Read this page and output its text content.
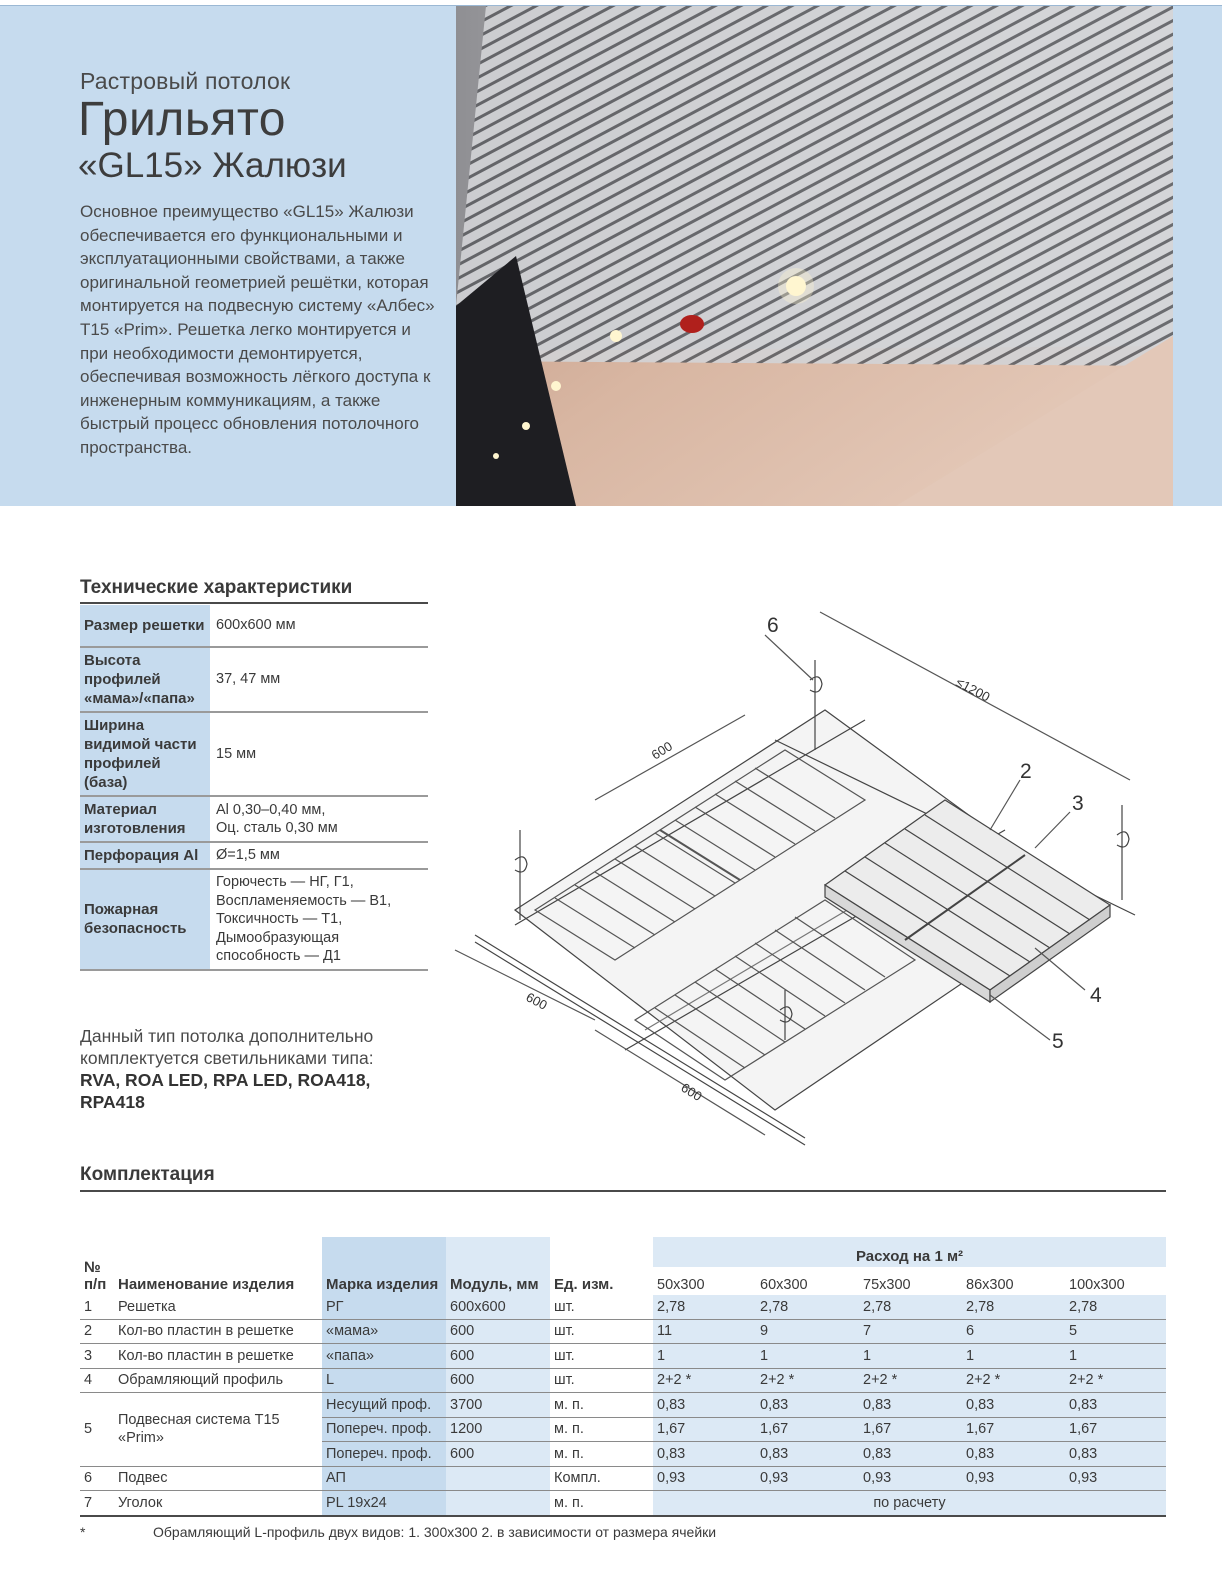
Растровый потолок
Грильято
«GL15» Жалюзи
Основное преимущество «GL15» Жалюзи обеспечивается его функциональными и эксплуатационными свойствами, а также оригинальной геометрией решётки, которая монтируется на подвесную систему «Албес» Т15 «Prim». Решетка легко монтируется и при необходимости демонтируется, обеспечивая возможность лёгкого доступа к инженерным коммуникациям, а также быстрый процесс обновления потолочного пространства.
Технические характеристики
Размер решетки	600х600 мм
Высота профилей «мама»/«папа»	37, 47 мм
Ширина видимой части профилей (база)	15 мм
Материал изготовления	Al 0,30–0,40 мм,
Оц. сталь 0,30 мм
Перфорация Al	Ø=1,5 мм
Пожарная безопасность	Горючесть — НГ, Г1,
Воспламеняемость — В1,
Токсичность — Т1,
Дымообразующая
способность — Д1
Данный тип потолка дополнительно комплектуется светильниками типа:
RVA, ROA LED, RPA LED, ROA418, RPA418
6
2
3
4
5
600
600
600
≤1200
Комплектация
№ п/п	Наименование изделия	Марка изделия	Модуль, мм	Ед. изм.	Расход на 1 м²				
					50х300	60х300	75х300	86х300	100х300
1	Решетка	РГ	600х600	шт.	2,78	2,78	2,78	2,78	2,78
2	Кол-во пластин в решетке	«мама»	600	шт.	11	9	7	6	5
3	Кол-во пластин в решетке	«папа»	600	шт.	1	1	1	1	1
4	Обрамляющий профиль	L	600	шт.	2+2 *	2+2 *	2+2 *	2+2 *	2+2 *
5	Подвесная система Т15 «Prim»	Несущий проф.	3700	м. п.	0,83	0,83	0,83	0,83	0,83
		Попереч. проф.	1200	м. п.	1,67	1,67	1,67	1,67	1,67
		Попереч. проф.	600	м. п.	0,83	0,83	0,83	0,83	0,83
6	Подвес	АП		Компл.	0,93	0,93	0,93	0,93	0,93
7	Уголок	PL 19х24		м. п.	по расчету				
*	Обрамляющий L-профиль двух видов: 1. 300х300 2. в зависимости от размера ячейки
